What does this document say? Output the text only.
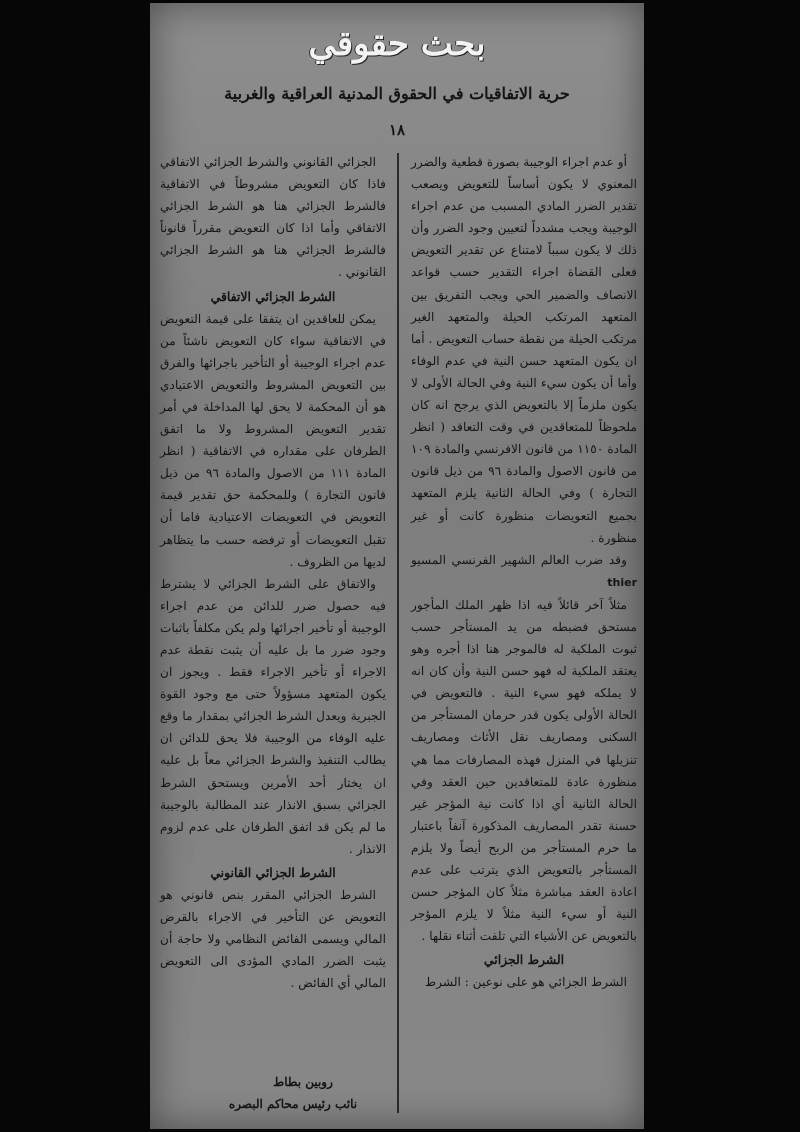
بحث حقوقي
حرية الاتفاقيات في الحقوق المدنية العراقية والغربية
١٨

أو عدم اجراء الوجيبة بصورة قطعية والضرر المعنوي لا يكون أساساً للتعويض ويصعب تقدير الضرر المادي المسبب من عدم اجراء الوجيبة ويجب مشدداً لتعيين وجود الضرر وأن ذلك لا يكون سبباً لامتناع عن تقدير التعويض فعلى القضاة اجراء التقدير حسب قواعد الانصاف والضمير الحي ويجب التفريق بين المتعهد المرتكب الحيلة والمتعهد الغير مرتكب الحيلة من نقطة حساب التعويض . أما ان يكون المتعهد حسن النية في عدم الوفاء وأما أن يكون سيء النية وفي الحالة الأولى لا يكون ملزماً إلا بالتعويض الذي يرجح انه كان ملحوظاً للمتعاقدين في وقت التعاقد ( انظر المادة ١١٥٠ من قانون الافرنسي والمادة ١٠٩ من قانون الاصول والمادة ٩٦ من ذيل قانون التجارة ) وفي الحالة الثانية يلزم المتعهد بجميع التعويضات منظورة كانت أو غير منظورة .

وقد ضرب العالم الشهير الفرنسي المسيو thier

مثلاً آخر قائلاً فيه اذا ظهر الملك المأجور مستحق فضبطه من يد المستأجر حسب ثبوت الملكية له فالموجر هنا اذا أجره وهو يعتقد الملكية له فهو حسن النية وأن كان انه لا يملكه فهو سيء النية . فالتعويض في الحالة الأولى يكون قدر حرمان المستأجر من السكنى ومصاريف نقل الأثاث ومصاريف تنزيلها في المنزل فهذه المصارفات مما هي منظورة عادة للمتعاقدين حين العقد وفي الحالة الثانية أي اذا كانت نية المؤجر غير حسنة تقدر المصاريف المذكورة آنفاً باعتبار ما حرم المستأجر من الربح أيضاً ولا يلزم المستأجر بالتعويض الذي يترتب على عدم اعادة العقد مباشرة مثلاً كان المؤجر حسن النية أو سيء النية مثلاً لا يلزم المؤجر بالتعويض عن الأشياء التي تلفت أثناء نقلها .

الشرط الجزائي

الشرط الجزائي هو على نوعين : الشرط

الجزائي القانوني والشرط الجزائي الاتفاقي فاذا كان التعويض مشروطاً في الاتفاقية فالشرط الجزائي هنا هو الشرط الجزائي الاتفاقي وأما اذا كان التعويض مقرراً قانوناً فالشرط الجزائي هنا هو الشرط الجزائي القانوني .

الشرط الجزائي الاتفاقي

يمكن للعاقدين ان يتفقا على قيمة التعويض في الاتفاقية سواء كان التعويض ناشئاً من عدم اجراء الوجيبة أو التأخير باجرائها والفرق بين التعويض المشروط والتعويض الاعتيادي هو أن المحكمة لا يحق لها المداخلة في أمر تقدير التعويض المشروط ولا ما اتفق الطرفان على مقداره في الاتفاقية ( انظر المادة ١١١ من الاصول والمادة ٩٦ من ذيل قانون التجارة ) وللمحكمة حق تقدير قيمة التعويض في التعويضات الاعتيادية فاما أن تقبل التعويضات أو ترفضه حسب ما يتظاهر لديها من الظروف .

والاتفاق على الشرط الجزائي لا يشترط فيه حصول ضرر للدائن من عدم اجراء الوجيبة أو تأخير اجرائها ولم يكن مكلفاً باثبات وجود ضرر ما بل عليه أن يثبت نقطة عدم الاجراء أو تأخير الاجراء فقط . ويجوز ان يكون المتعهد مسؤولاً حتى مع وجود القوة الجبرية ويعدل الشرط الجزائي بمقدار ما وقع عليه الوفاء من الوجيبة فلا يحق للدائن ان يطالب التنفيذ والشرط الجزائي معاً بل عليه ان يختار أحد الأمرين ويستحق الشرط الجزائي بسبق الانذار عند المطالبة بالوجيبة ما لم يكن قد اتفق الطرفان على عدم لزوم الانذار .

الشرط الجزائي القانوني

الشرط الجزائي المقرر بنص قانوني هو التعويض عن التأخير في الاجراء بالقرض المالي ويسمى الفائض النظامي ولا حاجة أن يثبت الضرر المادي المؤدى الى التعويض المالي أي الفائض .

روبين بطاط
نائب رئيس محاكم البصره
